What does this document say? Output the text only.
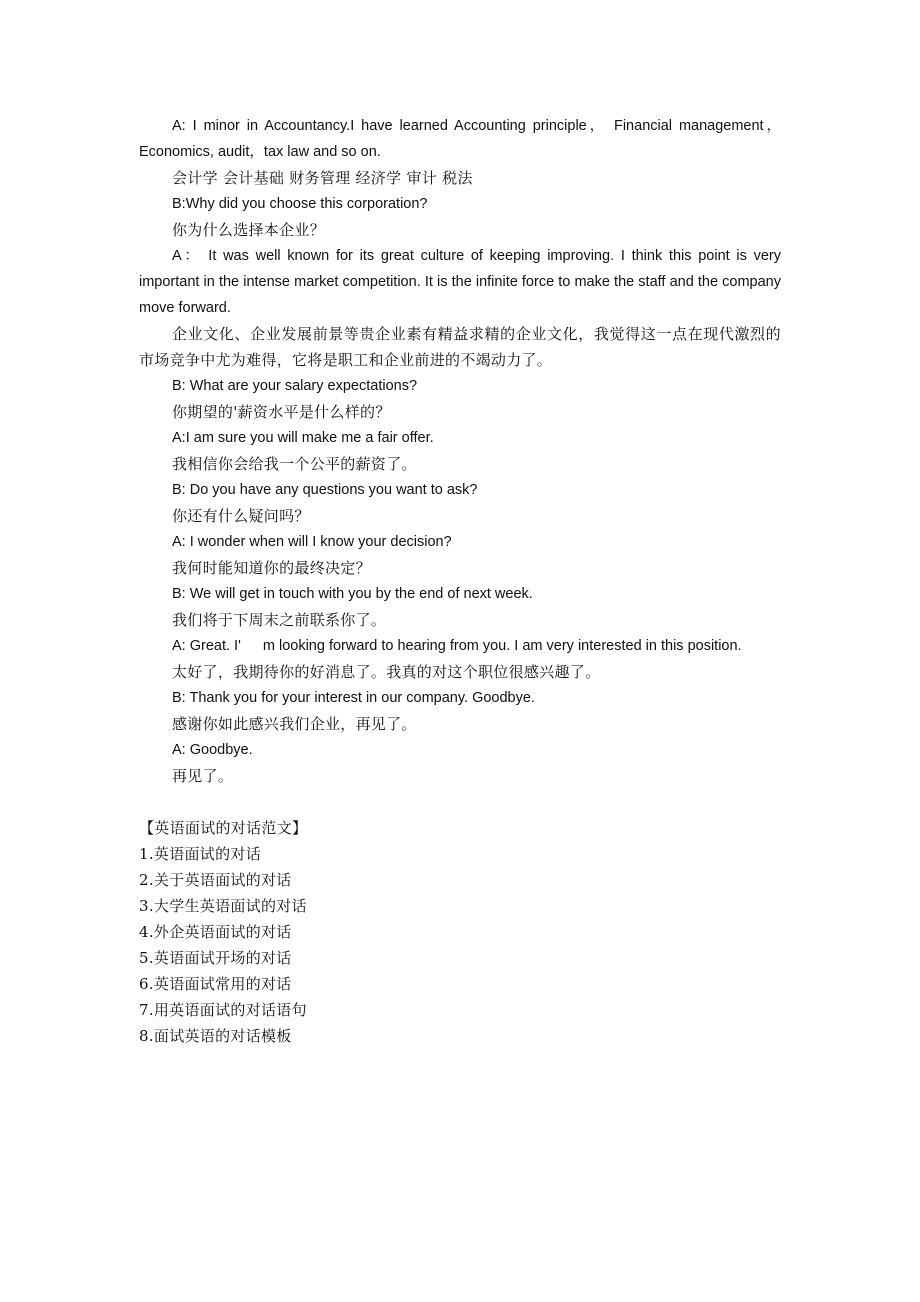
A: I minor in Accountancy.I have learned Accounting principle， Financial management，Economics, audit，tax law and so on.

会计学 会计基础 财务管理 经济学 审计 税法

B:Why did you choose this corporation?

你为什么选择本企业？

A： It was well known for its great culture of keeping improving. I think this point is very important in the intense market competition. It is the infinite force to make the staff and the company move forward.

企业文化、企业发展前景等贵企业素有精益求精的企业文化，我觉得这一点在现代激烈的市场竞争中尤为难得，它将是职工和企业前进的不竭动力了。

B: What are your salary expectations?

你期望的'薪资水平是什么样的？

A:I am sure you will make me a fair offer.

我相信你会给我一个公平的薪资了。

B: Do you have any questions you want to ask?

你还有什么疑问吗？

A: I wonder when will I know your decision?

我何时能知道你的最终决定？

B: We will get in touch with you by the end of next week.

我们将于下周末之前联系你了。

A: Great. I' m looking forward to hearing from you. I am very interested in this position.

太好了，我期待你的好消息了。我真的对这个职位很感兴趣了。

B: Thank you for your interest in our company. Goodbye.

感谢你如此感兴我们企业，再见了。

A: Goodbye.

再见了。

【英语面试的对话范文】

1.英语面试的对话

2.关于英语面试的对话

3.大学生英语面试的对话

4.外企英语面试的对话

5.英语面试开场的对话

6.英语面试常用的对话

7.用英语面试的对话语句

8.面试英语的对话模板
